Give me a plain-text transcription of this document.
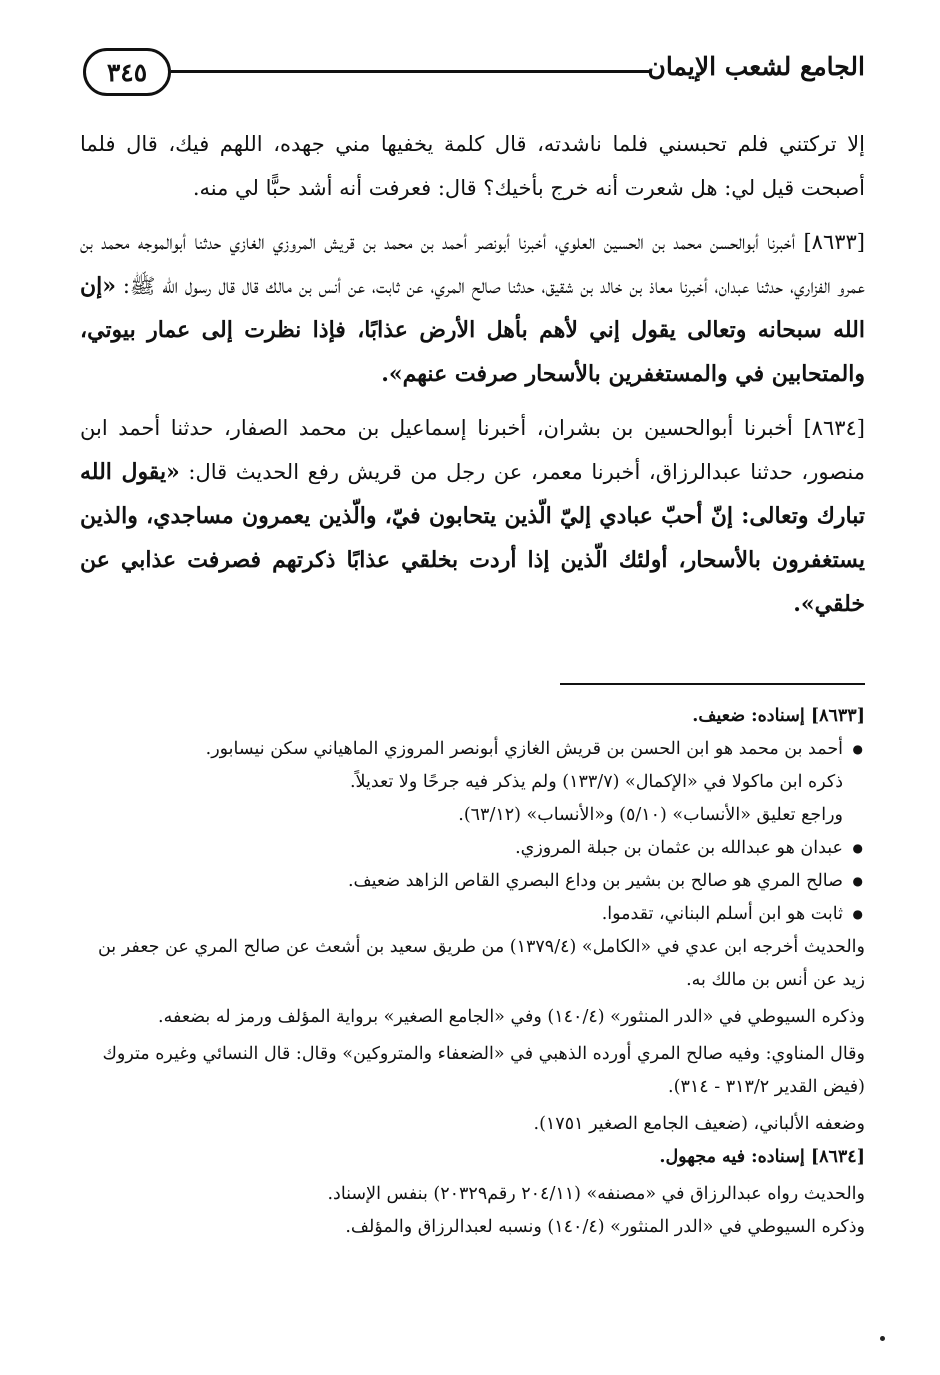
٣٤٥	الجامع لشعب الإيمان

إلا تركتني فلم تحبسني فلما ناشدته، قال كلمة يخفيها مني جهده، اللهم فيك، قال فلما أصبحت قيل لي: هل شعرت أنه خرج بأخيك؟ قال: فعرفت أنه أشد حبًّا لي منه.

[٨٦٣٣] أخبرنا أبوالحسن محمد بن الحسين العلوي، أخبرنا أبونصر أحمد بن محمد بن قريش المروزي الغازي حدثنا أبوالموجه محمد بن عمرو الفزاري، حدثنا عبدان، أخبرنا معاذ بن خالد بن شقيق، حدثنا صالح المري، عن ثابت، عن أنس بن مالك قال قال رسول الله ﷺ: «إن الله سبحانه وتعالى يقول إني لأهم بأهل الأرض عذابًا، فإذا نظرت إلى عمار بيوتي، والمتحابين في والمستغفرين بالأسحار صرفت عنهم».

[٨٦٣٤] أخبرنا أبوالحسين بن بشران، أخبرنا إسماعيل بن محمد الصفار، حدثنا أحمد ابن منصور، حدثنا عبدالرزاق، أخبرنا معمر، عن رجل من قريش رفع الحديث قال: «يقول الله تبارك وتعالى: إنّ أحبّ عبادي إليّ الّذين يتحابون فيّ، والّذين يعمرون مساجدي، والذين يستغفرون بالأسحار، أولئك الّذين إذا أردت بخلقي عذابًا ذكرتهم فصرفت عذابي عن خلقي».

[٨٦٣٣] إسناده: ضعيف.

● أحمد بن محمد هو ابن الحسن بن قريش الغازي أبونصر المروزي الماهياني سكن نيسابور.
ذكره ابن ماكولا في «الإكمال» (١٣٣/٧) ولم يذكر فيه جرحًا ولا تعديلاً.
وراجع تعليق «الأنساب» (٥/١٠) و«الأنساب» (٦٣/١٢).
● عبدان هو عبدالله بن عثمان بن جبلة المروزي.
● صالح المري هو صالح بن بشير بن وداع البصري القاص الزاهد ضعيف.
● ثابت هو ابن أسلم البناني، تقدموا.

والحديث أخرجه ابن عدي في «الكامل» (١٣٧٩/٤) من طريق سعيد بن أشعث عن صالح المري عن جعفر بن زيد عن أنس بن مالك به.

وذكره السيوطي في «الدر المنثور» (١٤٠/٤) وفي «الجامع الصغير» برواية المؤلف ورمز له بضعفه.

وقال المناوي: وفيه صالح المري أورده الذهبي في «الضعفاء والمتروكين» وقال: قال النسائي وغيره متروك (فيض القدير ٣١٣/٢ - ٣١٤).

وضعفه الألباني، (ضعيف الجامع الصغير ١٧٥١).

[٨٦٣٤] إسناده: فيه مجهول.

والحديث رواه عبدالرزاق في «مصنفه» (٢٠٤/١١ رقم٢٠٣٢٩) بنفس الإسناد.

وذكره السيوطي في «الدر المنثور» (١٤٠/٤) ونسبه لعبدالرزاق والمؤلف.
